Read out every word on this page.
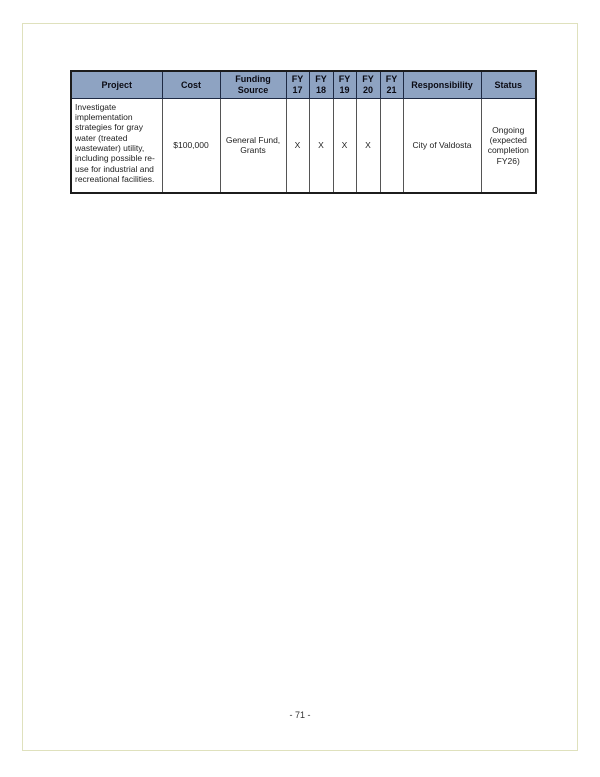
Project	Cost	Funding Source	FY 17	FY 18	FY 19	FY 20	FY 21	Responsibility	Status
Investigate implementation strategies for gray water (treated wastewater) utility, including possible re-use for industrial and recreational facilities.	$100,000	General Fund, Grants	X	X	X	X		City of Valdosta	Ongoing (expected completion FY26)
- 71 -
